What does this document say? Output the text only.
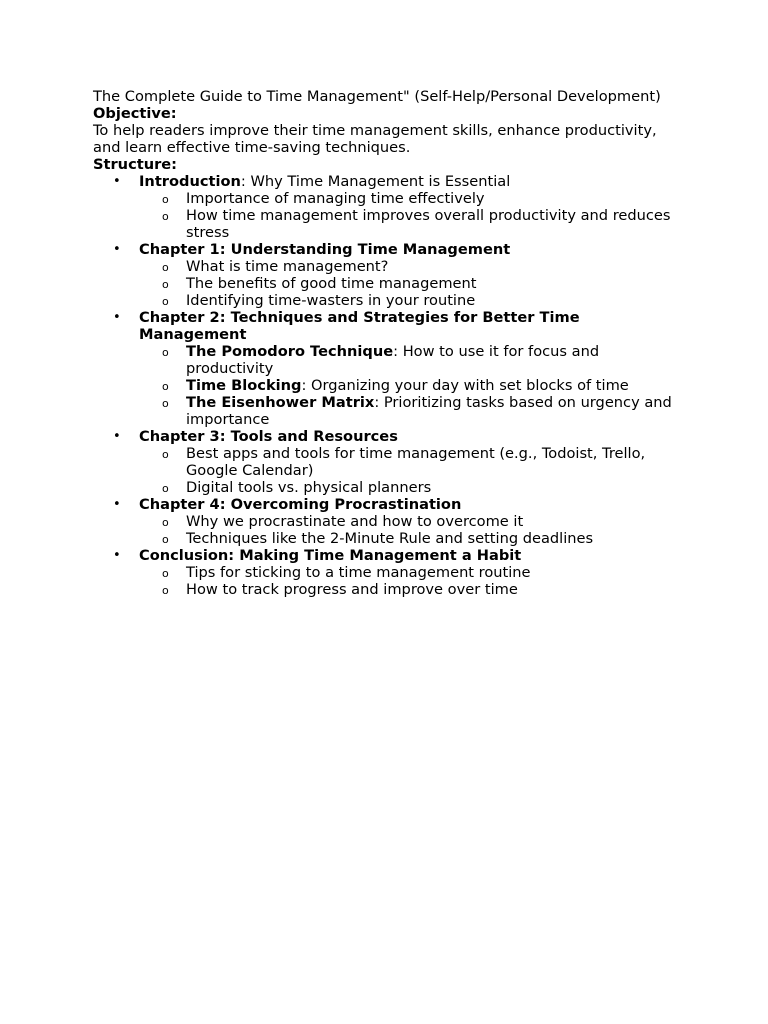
The Complete Guide to Time Management" (Self-Help/Personal Development) Objective:
To help readers improve their time management skills, enhance productivity, and learn effective time-saving techniques.
Structure:
• Introduction: Why Time Management is Essential
o Importance of managing time effectively
o How time management improves overall productivity and reduces stress
• Chapter 1: Understanding Time Management
o What is time management?
o The benefits of good time management
o Identifying time-wasters in your routine
• Chapter 2: Techniques and Strategies for Better Time Management
o The Pomodoro Technique: How to use it for focus and productivity
o Time Blocking: Organizing your day with set blocks of time
o The Eisenhower Matrix: Prioritizing tasks based on urgency and importance
• Chapter 3: Tools and Resources
o Best apps and tools for time management (e.g., Todoist, Trello, Google Calendar)
o Digital tools vs. physical planners
• Chapter 4: Overcoming Procrastination
o Why we procrastinate and how to overcome it
o Techniques like the 2-Minute Rule and setting deadlines
• Conclusion: Making Time Management a Habit
o Tips for sticking to a time management routine
o How to track progress and improve over time
